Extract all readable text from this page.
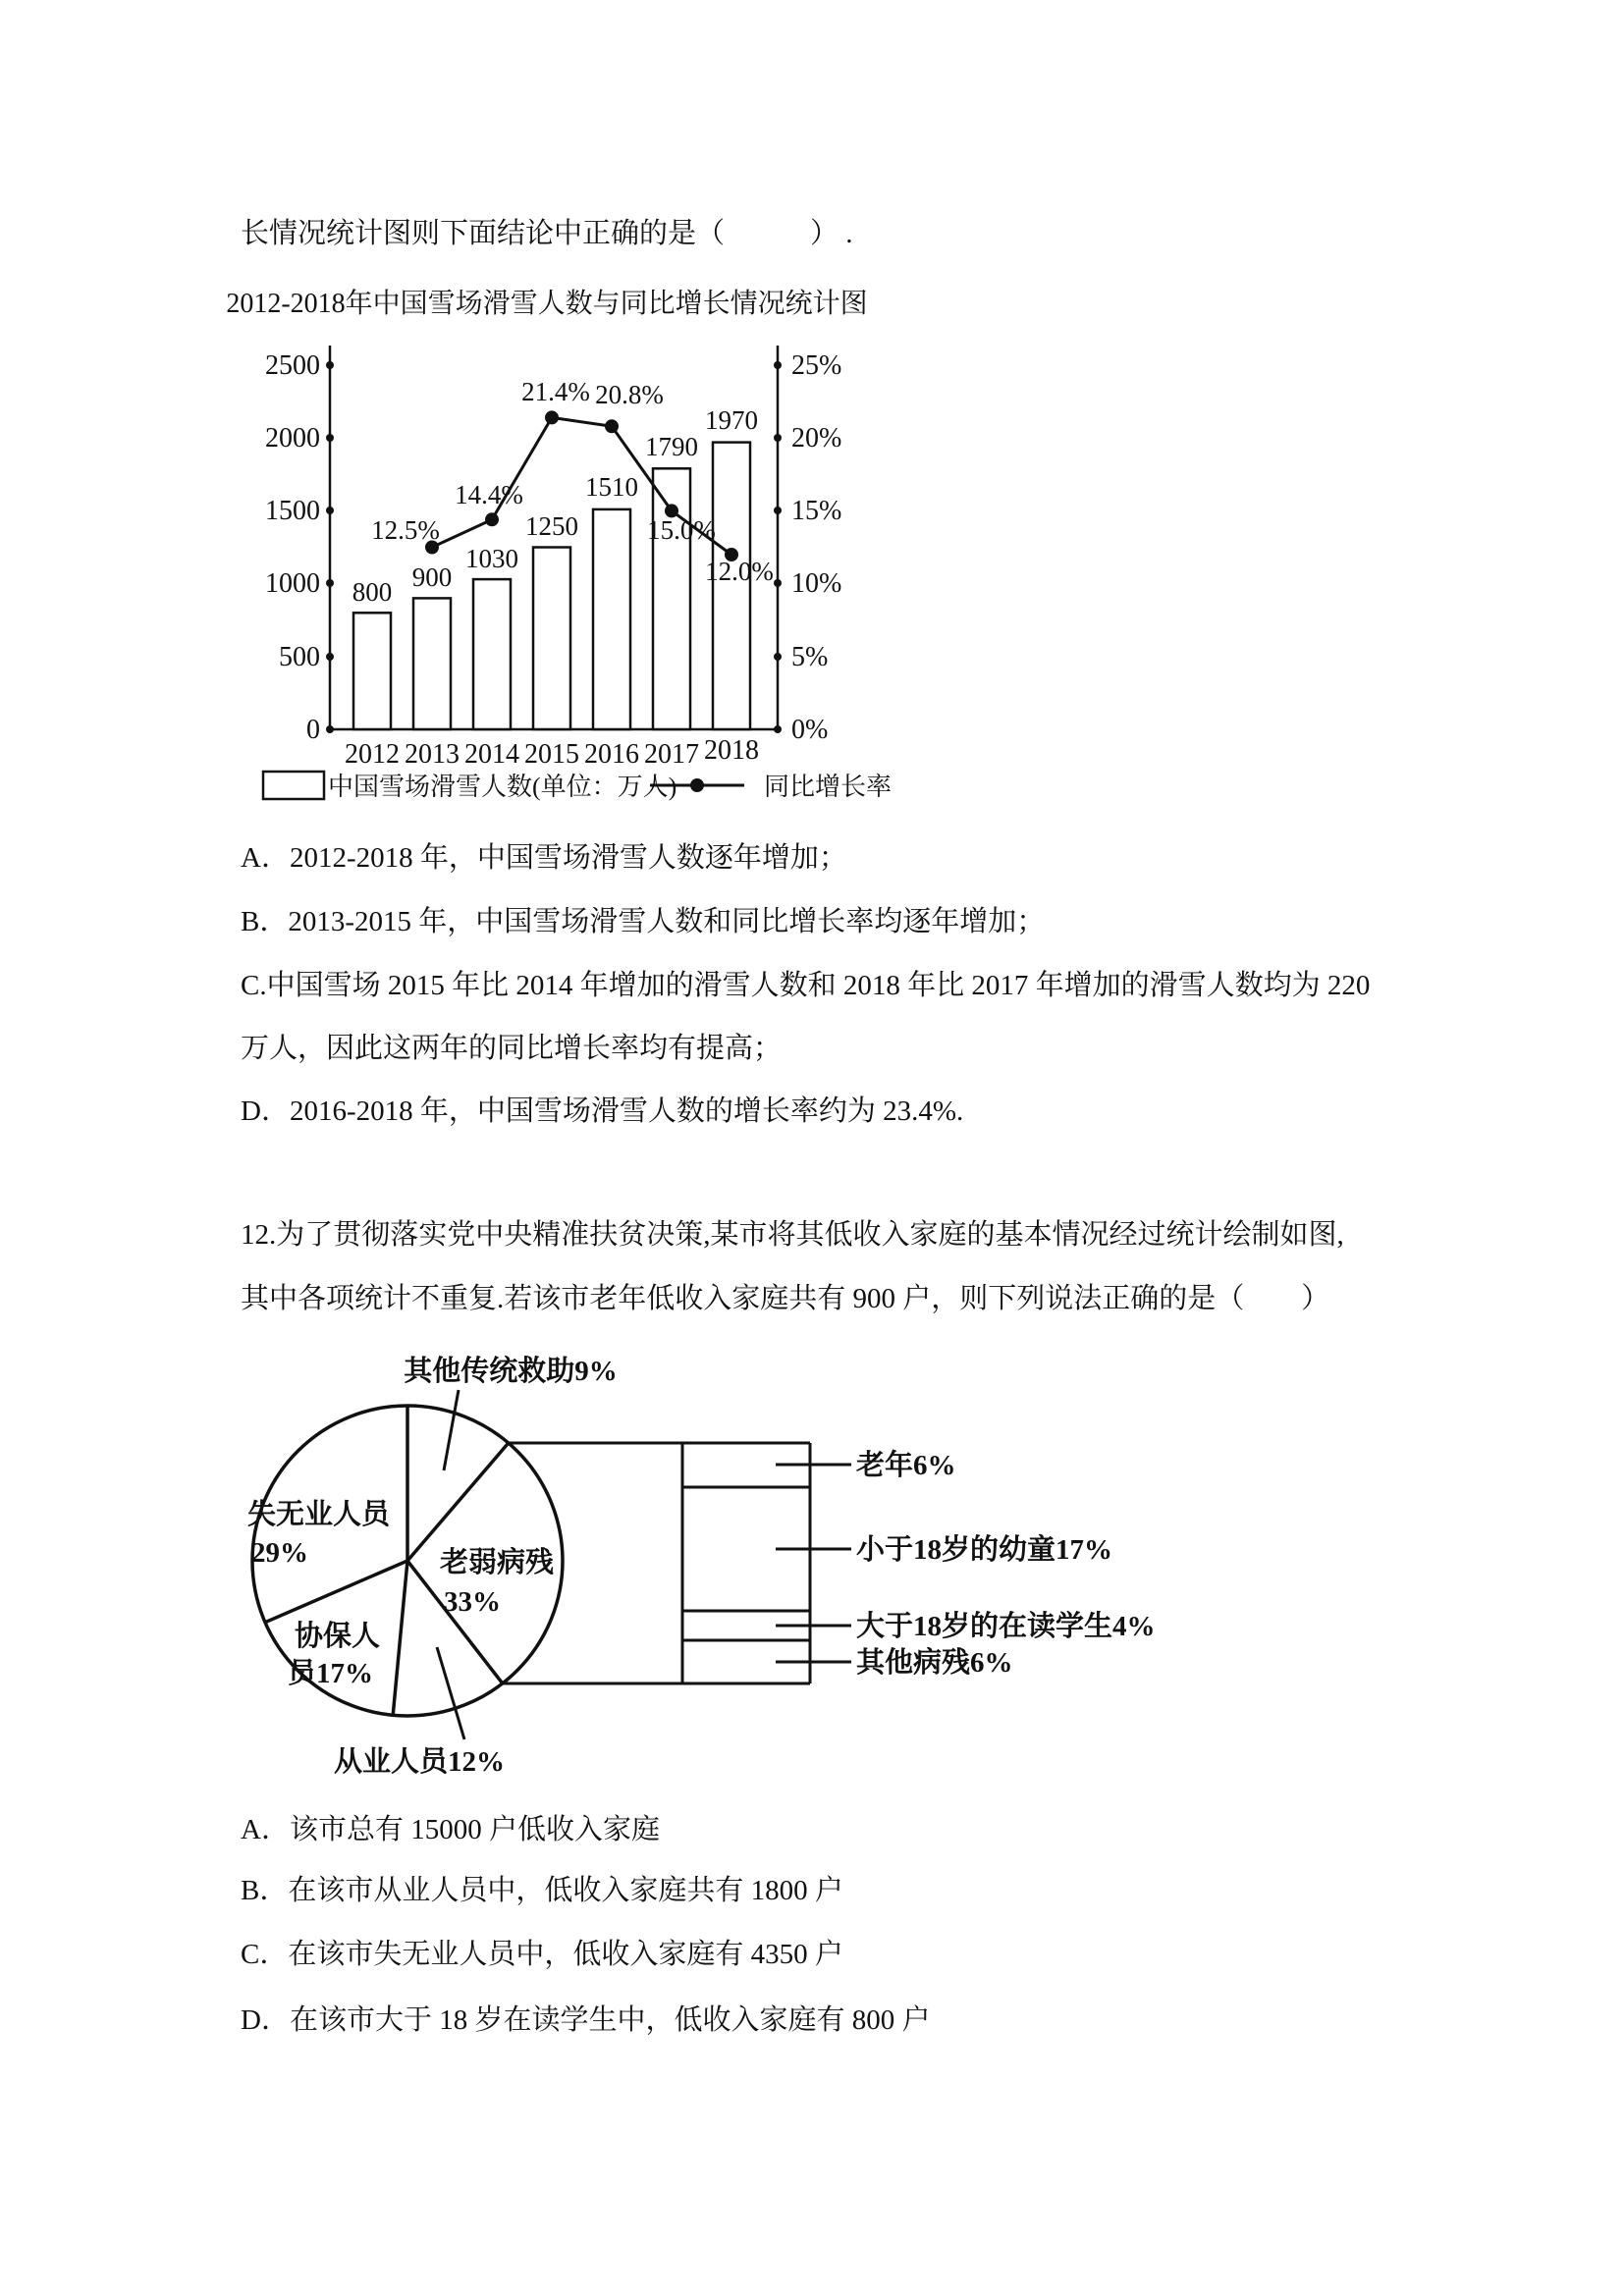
长情况统计图则下面结论中正确的是（　　　） .
2012-2018年中国雪场滑雪人数与同比增长情况统计图
2500
2000
1500
1000
500
0
25%
20%
15%
10%
5%
0%
800 900
1030
1250
1510
1790
1970
12.5%
14.4%
21.4% 20.8%
15.0%
12.0%
2012 2013 2014 2015 2016 2017 2018
中国雪场滑雪人数(单位：万人)	同比增长率
A．2012-2018 年，中国雪场滑雪人数逐年增加；
B．2013-2015 年，中国雪场滑雪人数和同比增长率均逐年增加；
C.中国雪场 2015 年比 2014 年增加的滑雪人数和 2018 年比 2017 年增加的滑雪人数均为 220
万人，因此这两年的同比增长率均有提高；
D．2016-2018 年，中国雪场滑雪人数的增长率约为 23.4%.
12.为了贯彻落实党中央精准扶贫决策,某市将其低收入家庭的基本情况经过统计绘制如图,
其中各项统计不重复.若该市老年低收入家庭共有 900 户，则下列说法正确的是（　　）
老年6%
小于18岁的幼童17%
大于18岁的在读学生4%
其他病残6%
其他传统救助9%
失无业人员
29%	老弱病残
33%
协保人
员17%
从业人员12%
A．该市总有 15000 户低收入家庭
B．在该市从业人员中，低收入家庭共有 1800 户
C．在该市失无业人员中，低收入家庭有 4350 户
D．在该市大于 18 岁在读学生中，低收入家庭有 800 户
